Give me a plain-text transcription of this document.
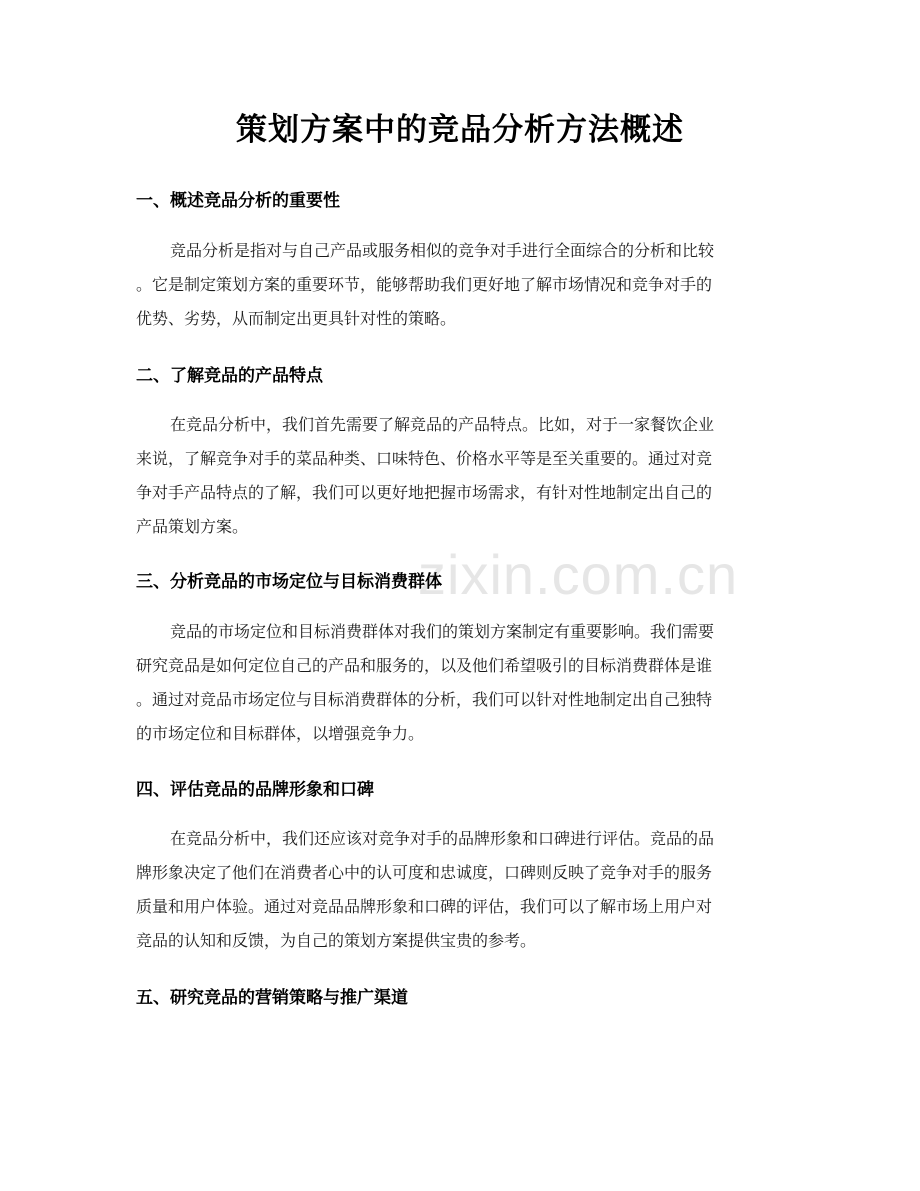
zixin.com.cn
策划方案中的竞品分析方法概述
一、概述竞品分析的重要性
竞品分析是指对与自己产品或服务相似的竞争对手进行全面综合的分析和比较
。它是制定策划方案的重要环节，能够帮助我们更好地了解市场情况和竞争对手的
优势、劣势，从而制定出更具针对性的策略。
二、了解竞品的产品特点
在竞品分析中，我们首先需要了解竞品的产品特点。比如，对于一家餐饮企业
来说，了解竞争对手的菜品种类、口味特色、价格水平等是至关重要的。通过对竞
争对手产品特点的了解，我们可以更好地把握市场需求，有针对性地制定出自己的
产品策划方案。
三、分析竞品的市场定位与目标消费群体
竞品的市场定位和目标消费群体对我们的策划方案制定有重要影响。我们需要
研究竞品是如何定位自己的产品和服务的，以及他们希望吸引的目标消费群体是谁
。通过对竞品市场定位与目标消费群体的分析，我们可以针对性地制定出自己独特
的市场定位和目标群体，以增强竞争力。
四、评估竞品的品牌形象和口碑
在竞品分析中，我们还应该对竞争对手的品牌形象和口碑进行评估。竞品的品
牌形象决定了他们在消费者心中的认可度和忠诚度，口碑则反映了竞争对手的服务
质量和用户体验。通过对竞品品牌形象和口碑的评估，我们可以了解市场上用户对
竞品的认知和反馈，为自己的策划方案提供宝贵的参考。
五、研究竞品的营销策略与推广渠道
